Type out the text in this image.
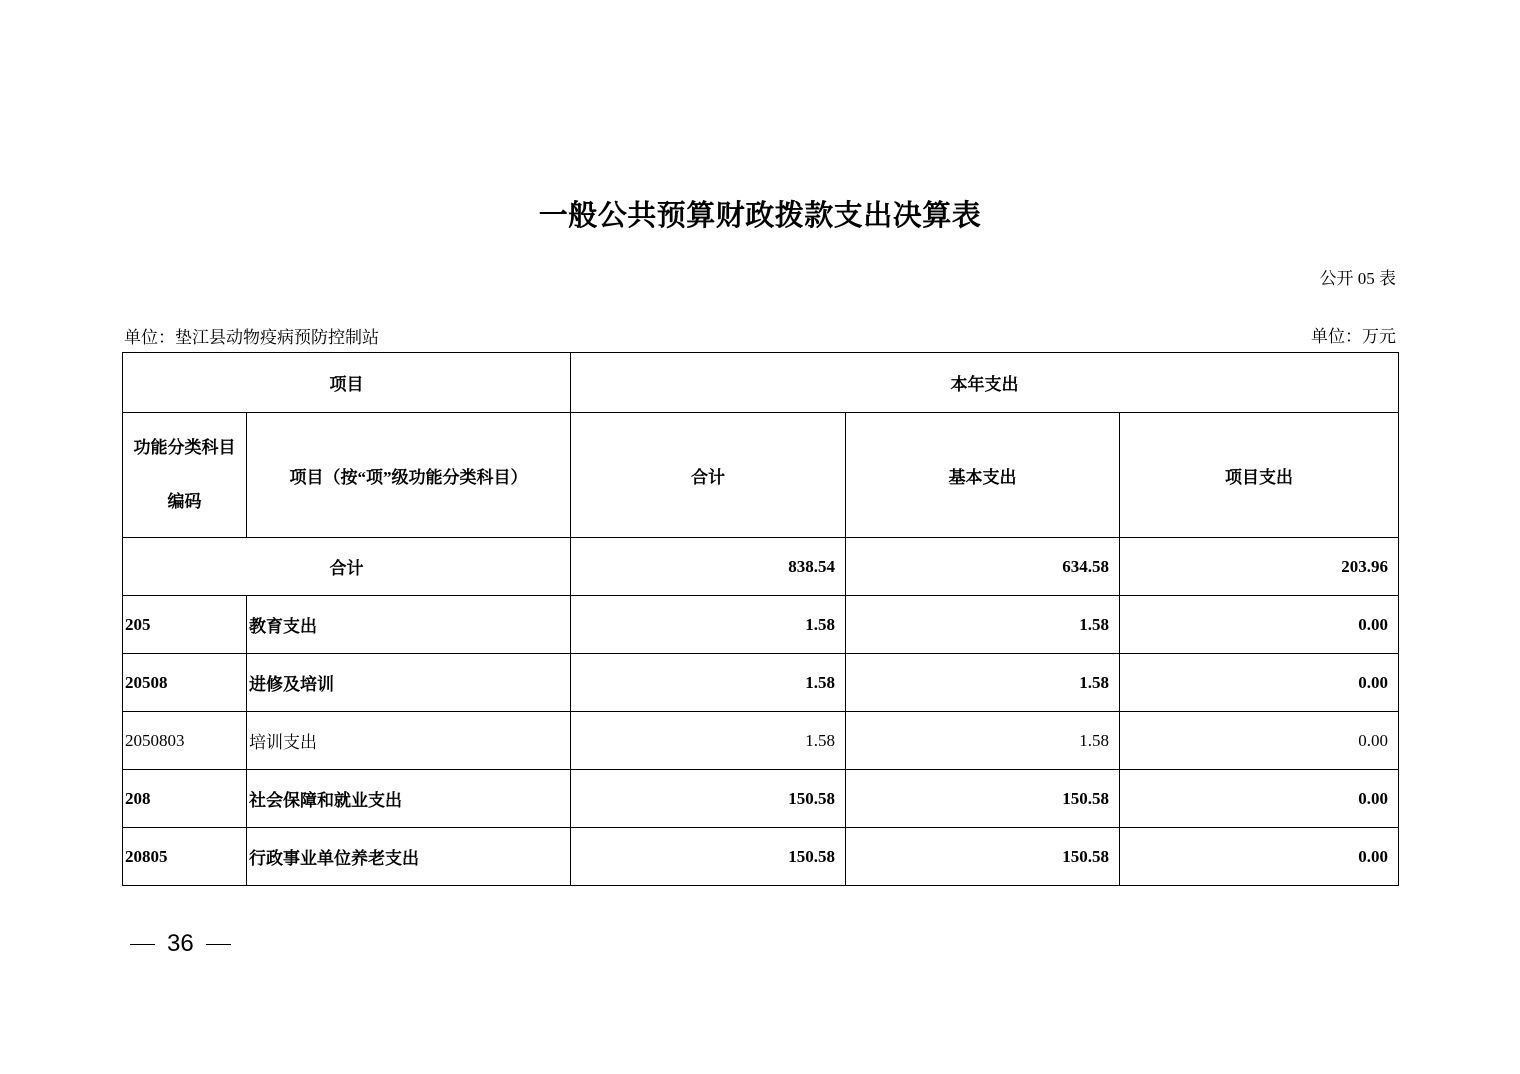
一般公共预算财政拨款支出决算表
公开 05 表
单位：垫江县动物疫病预防控制站	单位：万元
项目		本年支出		

功能分类科目
编码	项目（按“项”级功能分类科目）	合计	基本支出	项目支出
合计		838.54	634.58	203.96
205	教育支出	1.58	1.58	0.00
20508	进修及培训	1.58	1.58	0.00
2050803	培训支出	1.58	1.58	0.00
208	社会保障和就业支出	150.58	150.58	0.00
20805	行政事业单位养老支出	150.58	150.58	0.00
36
